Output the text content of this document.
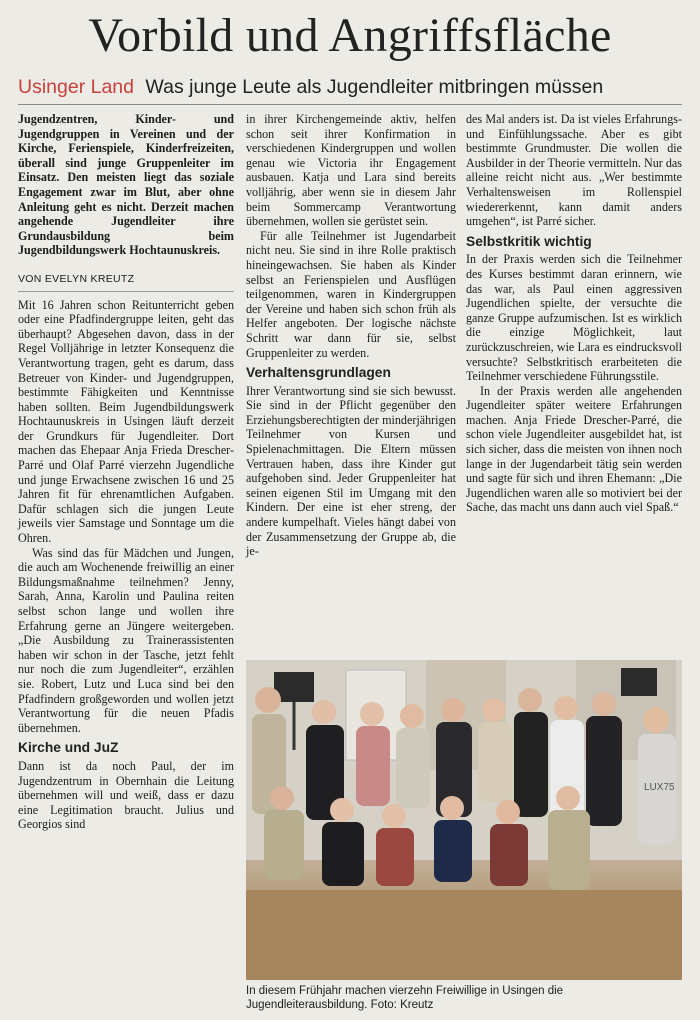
Vorbild und Angriffsfläche
Usinger Land Was junge Leute als Jugendleiter mitbringen müssen

Jugendzentren, Kinder- und Jugendgruppen in Vereinen und der Kirche, Ferienspiele, Kinderfreizeiten, überall sind junge Gruppenleiter im Einsatz. Den meisten liegt das soziale Engagement zwar im Blut, aber ohne Anleitung geht es nicht. Derzeit machen angehende Jugendleiter ihre Grundausbildung beim Jugendbildungswerk Hochtaunuskreis.

VON EVELYN KREUTZ

Mit 16 Jahren schon Reitunterricht geben oder eine Pfadfindergruppe leiten, geht das überhaupt? Abgesehen davon, dass in der Regel Volljährige in letzter Konsequenz die Verantwortung tragen, geht es darum, dass Betreuer von Kinder- und Jugendgruppen, bestimmte Fähigkeiten und Kenntnisse haben sollten. Beim Jugendbildungswerk Hochtaunuskreis in Usingen läuft derzeit der Grundkurs für Jugendleiter. Dort machen das Ehepaar Anja Frieda Drescher-Parré und Olaf Parré vierzehn Jugendliche und junge Erwachsene zwischen 16 und 25 Jahren fit für ehrenamtlichen Aufgaben. Dafür schlagen sich die jungen Leute jeweils vier Samstage und Sonntage um die Ohren.

Was sind das für Mädchen und Jungen, die auch am Wochenende freiwillig an einer Bildungsmaßnahme teilnehmen? Jenny, Sarah, Anna, Karolin und Paulina reiten selbst schon lange und wollen ihre Erfahrung gerne an Jüngere weitergeben. „Die Ausbildung zu Trainerassistenten haben wir schon in der Tasche, jetzt fehlt nur noch die zum Jugendleiter“, erzählen sie. Robert, Lutz und Luca sind bei den Pfadfindern großgeworden und wollen jetzt Verantwortung für die neuen Pfadis übernehmen.

Kirche und JuZ

Dann ist da noch Paul, der im Jugendzentrum in Obernhain die Leitung übernehmen will und weiß, dass er dazu eine Legitimation braucht. Julius und Georgios sind

in ihrer Kirchengemeinde aktiv, helfen schon seit ihrer Konfirmation in verschiedenen Kindergruppen und wollen genau wie Victoria ihr Engagement ausbauen. Katja und Lara sind bereits volljährig, aber wenn sie in diesem Jahr beim Sommercamp Verantwortung übernehmen, wollen sie gerüstet sein.

Für alle Teilnehmer ist Jugendarbeit nicht neu. Sie sind in ihre Rolle praktisch hineingewachsen. Sie haben als Kinder selbst an Ferienspielen und Ausflügen teilgenommen, waren in Kindergruppen der Vereine und haben sich schon früh als Helfer angeboten. Der logische nächste Schritt war dann für sie, selbst Gruppenleiter zu werden.

Verhaltensgrundlagen

Ihrer Verantwortung sind sie sich bewusst. Sie sind in der Pflicht gegenüber den Erziehungsberechtigten der minderjährigen Teilnehmer von Kursen und Spielenachmittagen. Die Eltern müssen Vertrauen haben, dass ihre Kinder gut aufgehoben sind. Jeder Gruppenleiter hat seinen eigenen Stil im Umgang mit den Kindern. Der eine ist eher streng, der andere kumpelhaft. Vieles hängt dabei von der Zusammensetzung der Gruppe ab, die je-

des Mal anders ist. Da ist vieles Erfahrungs- und Einfühlungssache. Aber es gibt bestimmte Grundmuster. Die wollen die Ausbilder in der Theorie vermitteln. Nur das alleine reicht nicht aus. „Wer bestimmte Verhaltensweisen im Rollenspiel wiedererkennt, kann damit anders umgehen“, ist Parré sicher.

Selbstkritik wichtig

In der Praxis werden sich die Teilnehmer des Kurses bestimmt daran erinnern, wie das war, als Paul einen aggressiven Jugendlichen spielte, der versuchte die ganze Gruppe aufzumischen. Ist es wirklich die einzige Möglichkeit, laut zurückzuschreien, wie Lara es eindrucksvoll versuchte? Selbstkritisch erarbeiteten die Teilnehmer verschiedene Führungsstile.

In der Praxis werden alle angehenden Jugendleiter später weitere Erfahrungen machen. Anja Friede Drescher-Parré, die schon viele Jugendleiter ausgebildet hat, ist sich sicher, dass die meisten von ihnen noch lange in der Jugendarbeit tätig sein werden und sagte für sich und ihren Ehemann: „Die Jugendlichen waren alle so motiviert bei der Sache, das macht uns dann auch viel Spaß.“

LUX75
In diesem Frühjahr machen vierzehn Freiwillige in Usingen die Jugendleiterausbildung. Foto: Kreutz
